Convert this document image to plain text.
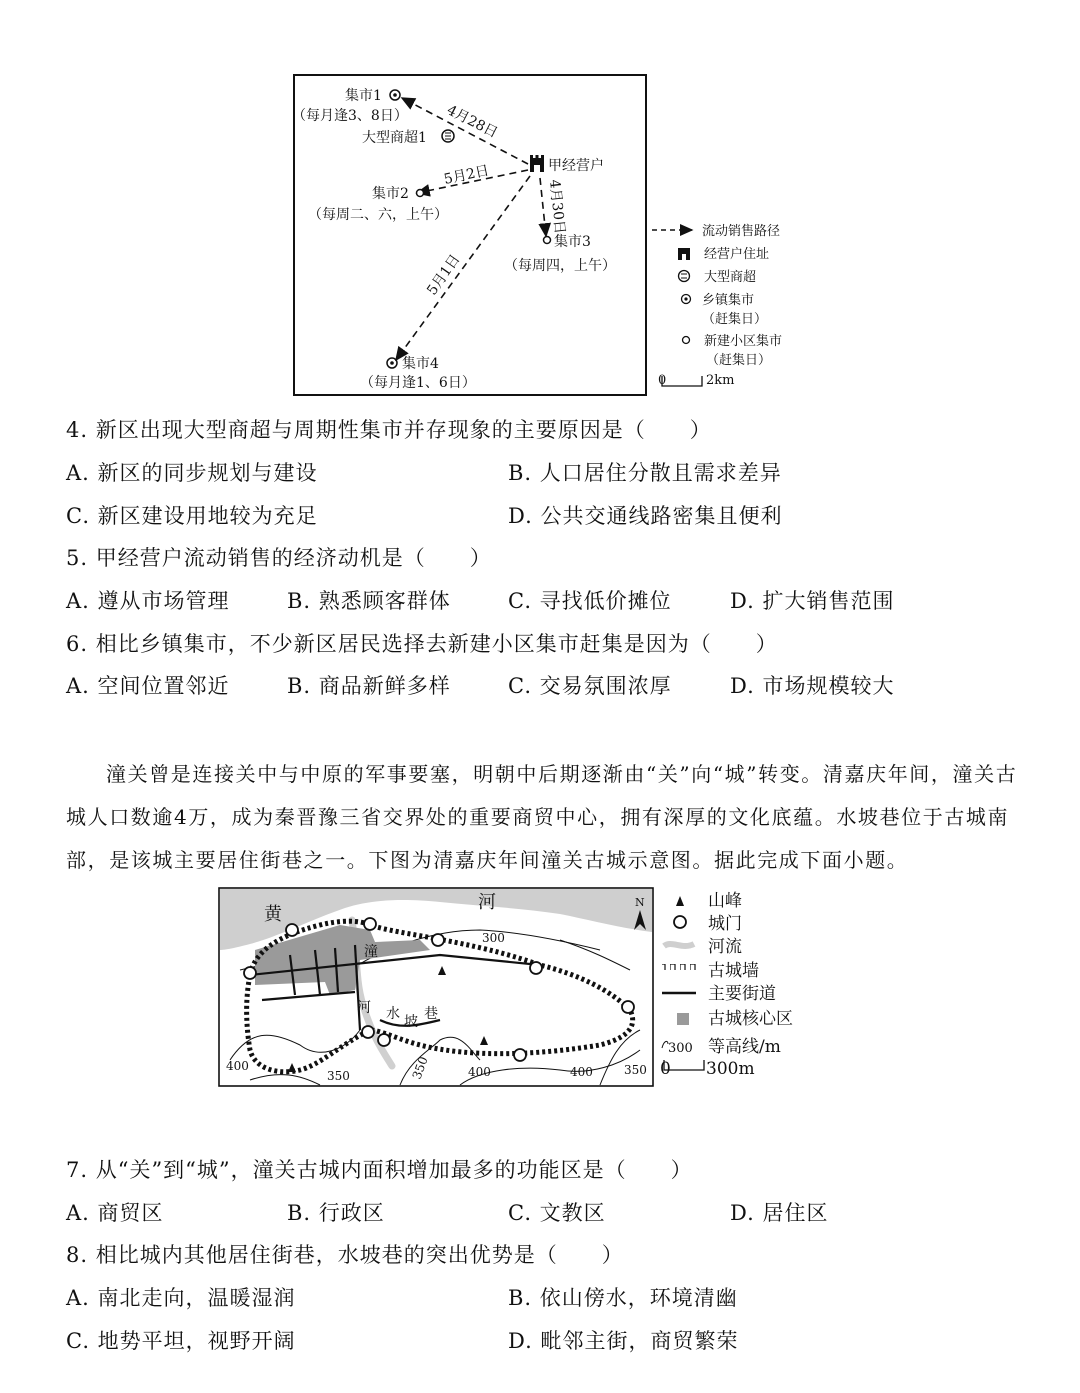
集市1
（每月逢3、8日）
大型商超1
甲经营户
集市2
（每周二、六，上午）
集市3
（每周四，上午）
集市4
（每月逢1、6日）
4月28日
5月2日
4月30日
5月1日
流动销售路径
经营户住址
大型商超
乡镇集市
（赶集日）
新建小区集市
（赶集日）
0	2km
4. 新区出现大型商超与周期性集市并存现象的主要原因是（　　）
A. 新区的同步规划与建设	B. 人口居住分散且需求差异
C. 新区建设用地较为充足	D. 公共交通线路密集且便利
5. 甲经营户流动销售的经济动机是（　　）
A. 遵从市场管理	B. 熟悉顾客群体	C. 寻找低价摊位	D. 扩大销售范围
6. 相比乡镇集市，不少新区居民选择去新建小区集市赶集是因为（　　）
A. 空间位置邻近	B. 商品新鲜多样	C. 交易氛围浓厚	D. 市场规模较大
潼关曾是连接关中与中原的军事要塞，明朝中后期逐渐由“关”向“城”转变。清嘉庆年间，潼关古
城人口数逾4万，成为秦晋豫三省交界处的重要商贸中心，拥有深厚的文化底蕴。水坡巷位于古城南
部，是该城主要居住街巷之一。下图为清嘉庆年间潼关古城示意图。据此完成下面小题。
黄
河
潼
河 水 坡 巷
300
350	350	350
400	400	400
N	山峰
城门
河流
古城墙
主要街道
古城核心区
300 等高线/m
0 300m
7. 从“关”到“城”，潼关古城内面积增加最多的功能区是（　　）
A. 商贸区	B. 行政区	C. 文教区	D. 居住区
8. 相比城内其他居住街巷，水坡巷的突出优势是（　　）
A. 南北走向，温暖湿润	B. 依山傍水，环境清幽
C. 地势平坦，视野开阔	D. 毗邻主街，商贸繁荣
